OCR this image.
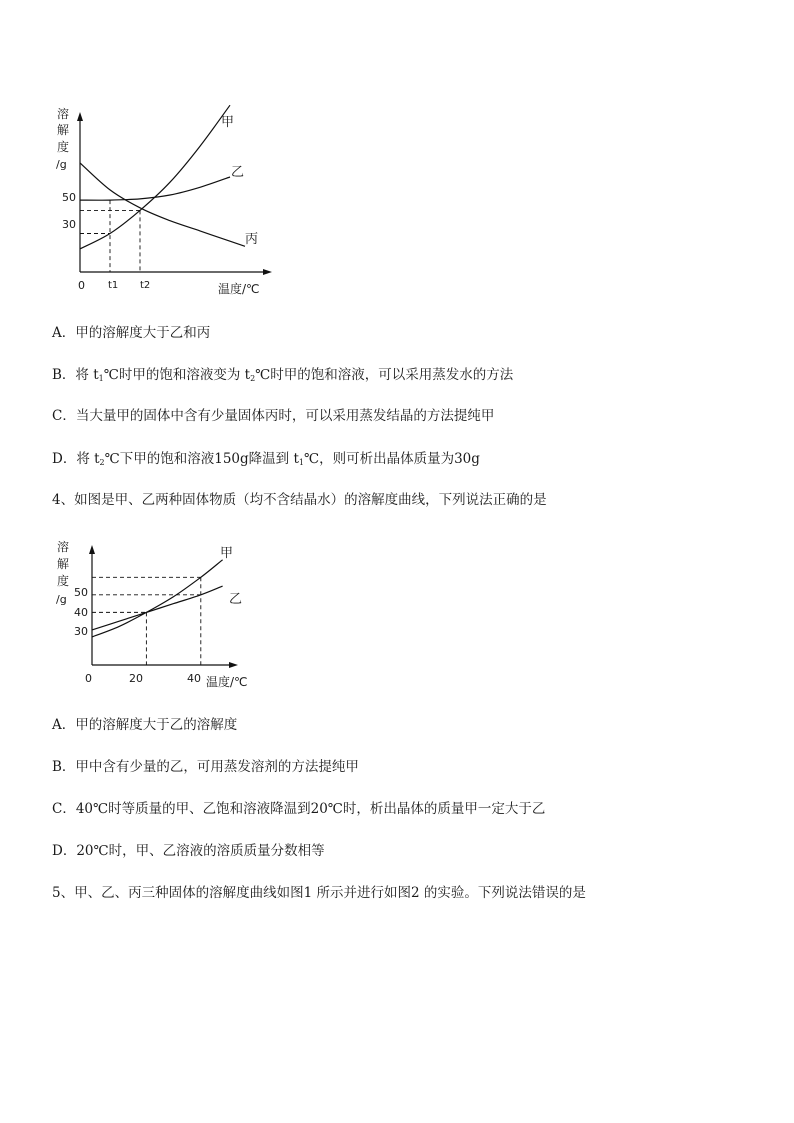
溶
解
度
/g
0 t1 t2
50
30
温度/℃
甲
乙
丙
A．甲的溶解度大于乙和丙
B．将 $t_1℃$时甲的饱和溶液变为 $t_2℃$时甲的饱和溶液，可以采用蒸发水的方法
C．当大量甲的固体中含有少量固体丙时，可以采用蒸发结晶的方法提纯甲
D．将 $t_2℃$下甲的饱和溶液150g降温到 $t_1℃$，则可析出晶体质量为30g
4、如图是甲、乙两种固体物质（均不含结晶水）的溶解度曲线，下列说法正确的是
溶
解
度
/g
0	20	40
50
40
30
温度/℃
甲
乙
A．甲的溶解度大于乙的溶解度
B．甲中含有少量的乙，可用蒸发溶剂的方法提纯甲
C．40℃时等质量的甲、乙饱和溶液降温到20℃时，析出晶体的质量甲一定大于乙
D．20℃时，甲、乙溶液的溶质质量分数相等
5、甲、乙、丙三种固体的溶解度曲线如图1 所示并进行如图2 的实验。下列说法错误的是
